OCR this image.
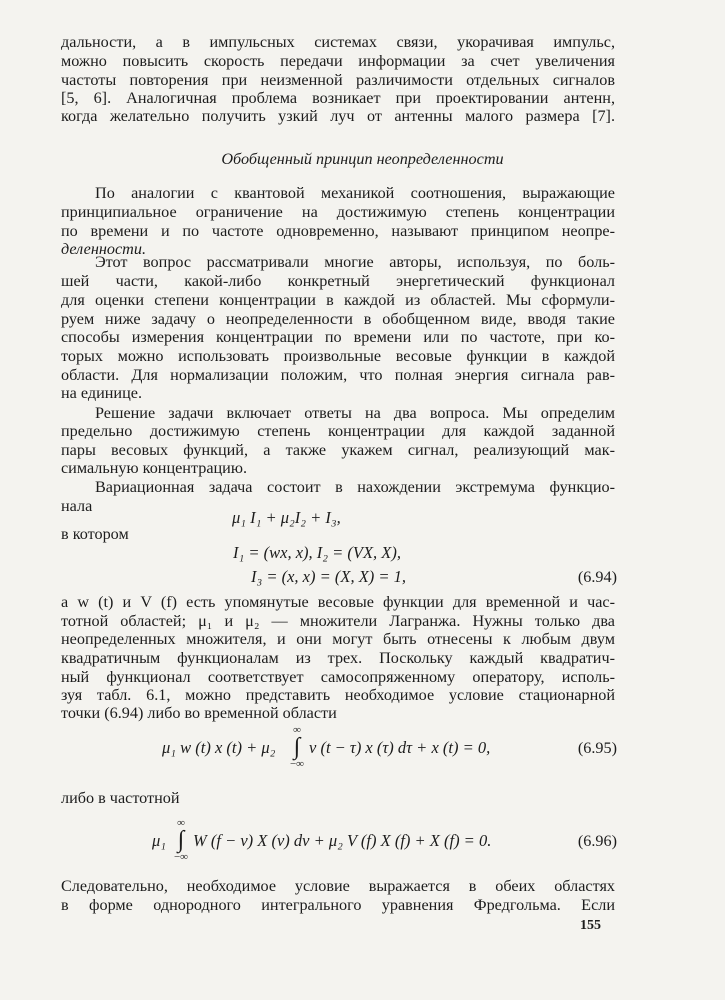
дальности, а в импульсных системах связи, укорачивая импульс,
можно повысить скорость передачи информации за счет увеличения
частоты повторения при неизменной различимости отдельных сигналов
[5, 6]. Аналогичная проблема возникает при проектировании антенн,
когда желательно получить узкий луч от антенны малого размера [7].
Обобщенный принцип неопределенности
По аналогии с квантовой механикой соотношения, выражающие
принципиальное ограничение на достижимую степень концентрации
по времени и по частоте одновременно, называют принципом неопре-
деленности.
Этот вопрос рассматривали многие авторы, используя, по боль-
шей части, какой-либо конкретный энергетический функционал
для оценки степени концентрации в каждой из областей. Мы сформули-
руем ниже задачу о неопределенности в обобщенном виде, вводя такие
способы измерения концентрации по времени или по частоте, при ко-
торых можно использовать произвольные весовые функции в каждой
области. Для нормализации положим, что полная энергия сигнала рав-
на единице.
Решение задачи включает ответы на два вопроса. Мы определим
предельно достижимую степень концентрации для каждой заданной
пары весовых функций, а также укажем сигнал, реализующий мак-
симальную концентрацию.
Вариационная задача состоит в нахождении экстремума функцио-
нала
μ₁ I₁ + μ₂I₂ + I₃,
в котором
I₁ = (wx, x), I₂ = (VX, X),
I₃ = (x, x) = (X, X) = 1,	(6.94)
а w (t) и V (f) есть упомянутые весовые функции для временной и час-
тотной областей; μ₁ и μ₂ — множители Лагранжа. Нужны только два
неопределенных множителя, и они могут быть отнесены к любым двум
квадратичным функционалам из трех. Поскольку каждый квадратич-
ный функционал соответствует самосопряженному оператору, исполь-
зуя табл. 6.1, можно представить необходимое условие стационарной
точки (6.94) либо во временной области
μ₁ w (t) x (t) + μ₂
∞
∫
−∞
v (t − τ) x (τ) dτ + x (t) = 0,	(6.95)
либо в частотной
μ₁
∞
∫
−∞
W (f − ν) X (ν) dν + μ₂ V (f) X (f) + X (f) = 0.	(6.96)
Следовательно, необходимое условие выражается в обеих областях
в форме однородного интегрального уравнения Фредгольма. Если
155
